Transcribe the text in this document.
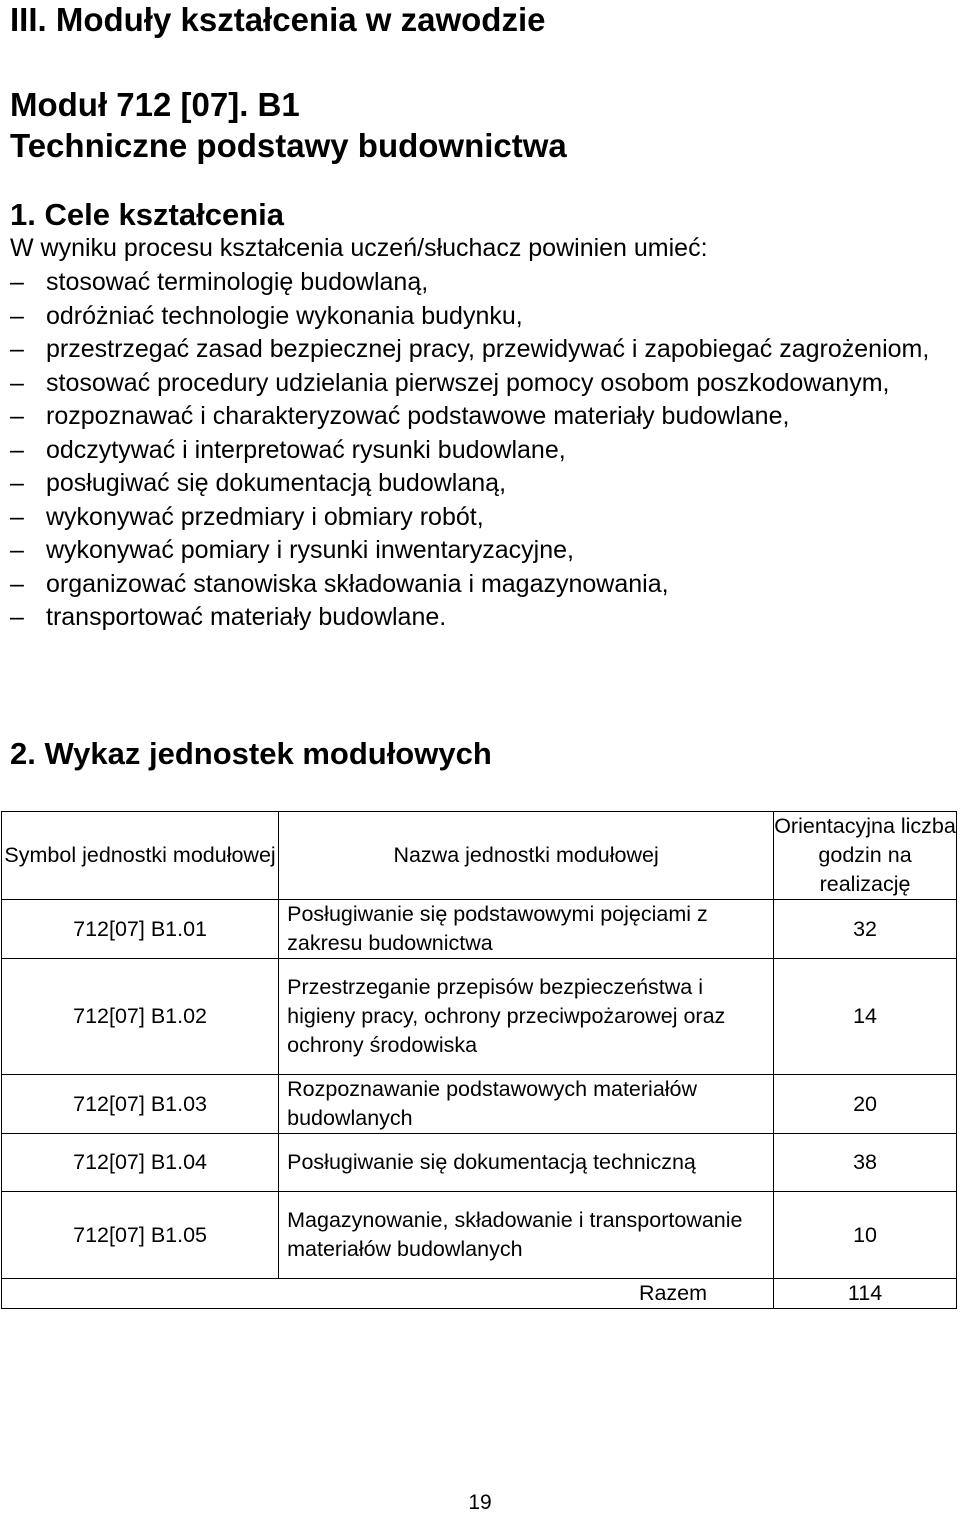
III. Moduły kształcenia w zawodzie
Moduł 712 [07]. B1
Techniczne podstawy budownictwa
1. Cele kształcenia
W wyniku procesu kształcenia uczeń/słuchacz powinien umieć:
– stosować terminologię budowlaną,
– odróżniać technologie wykonania budynku,
– przestrzegać zasad bezpiecznej pracy, przewidywać i zapobiegać zagrożeniom,
– stosować procedury udzielania pierwszej pomocy osobom poszkodowanym,
– rozpoznawać i charakteryzować podstawowe materiały budowlane,
– odczytywać i interpretować rysunki budowlane,
– posługiwać się dokumentacją budowlaną,
– wykonywać przedmiary i obmiary robót,
– wykonywać pomiary i rysunki inwentaryzacyjne,
– organizować stanowiska składowania i magazynowania,
– transportować materiały budowlane.
2. Wykaz jednostek modułowych
Symbol jednostki modułowej	Nazwa jednostki modułowej	Orientacyjna liczba godzin na realizację
712[07] B1.01	Posługiwanie się podstawowymi pojęciami z zakresu budownictwa	32
712[07] B1.02	Przestrzeganie przepisów bezpieczeństwa i higieny pracy, ochrony przeciwpożarowej oraz ochrony środowiska	14
712[07] B1.03	Rozpoznawanie podstawowych materiałów budowlanych	20
712[07] B1.04	Posługiwanie się dokumentacją techniczną	38
712[07] B1.05	Magazynowanie, składowanie i transportowanie materiałów budowlanych	10
	Razem	114
19
